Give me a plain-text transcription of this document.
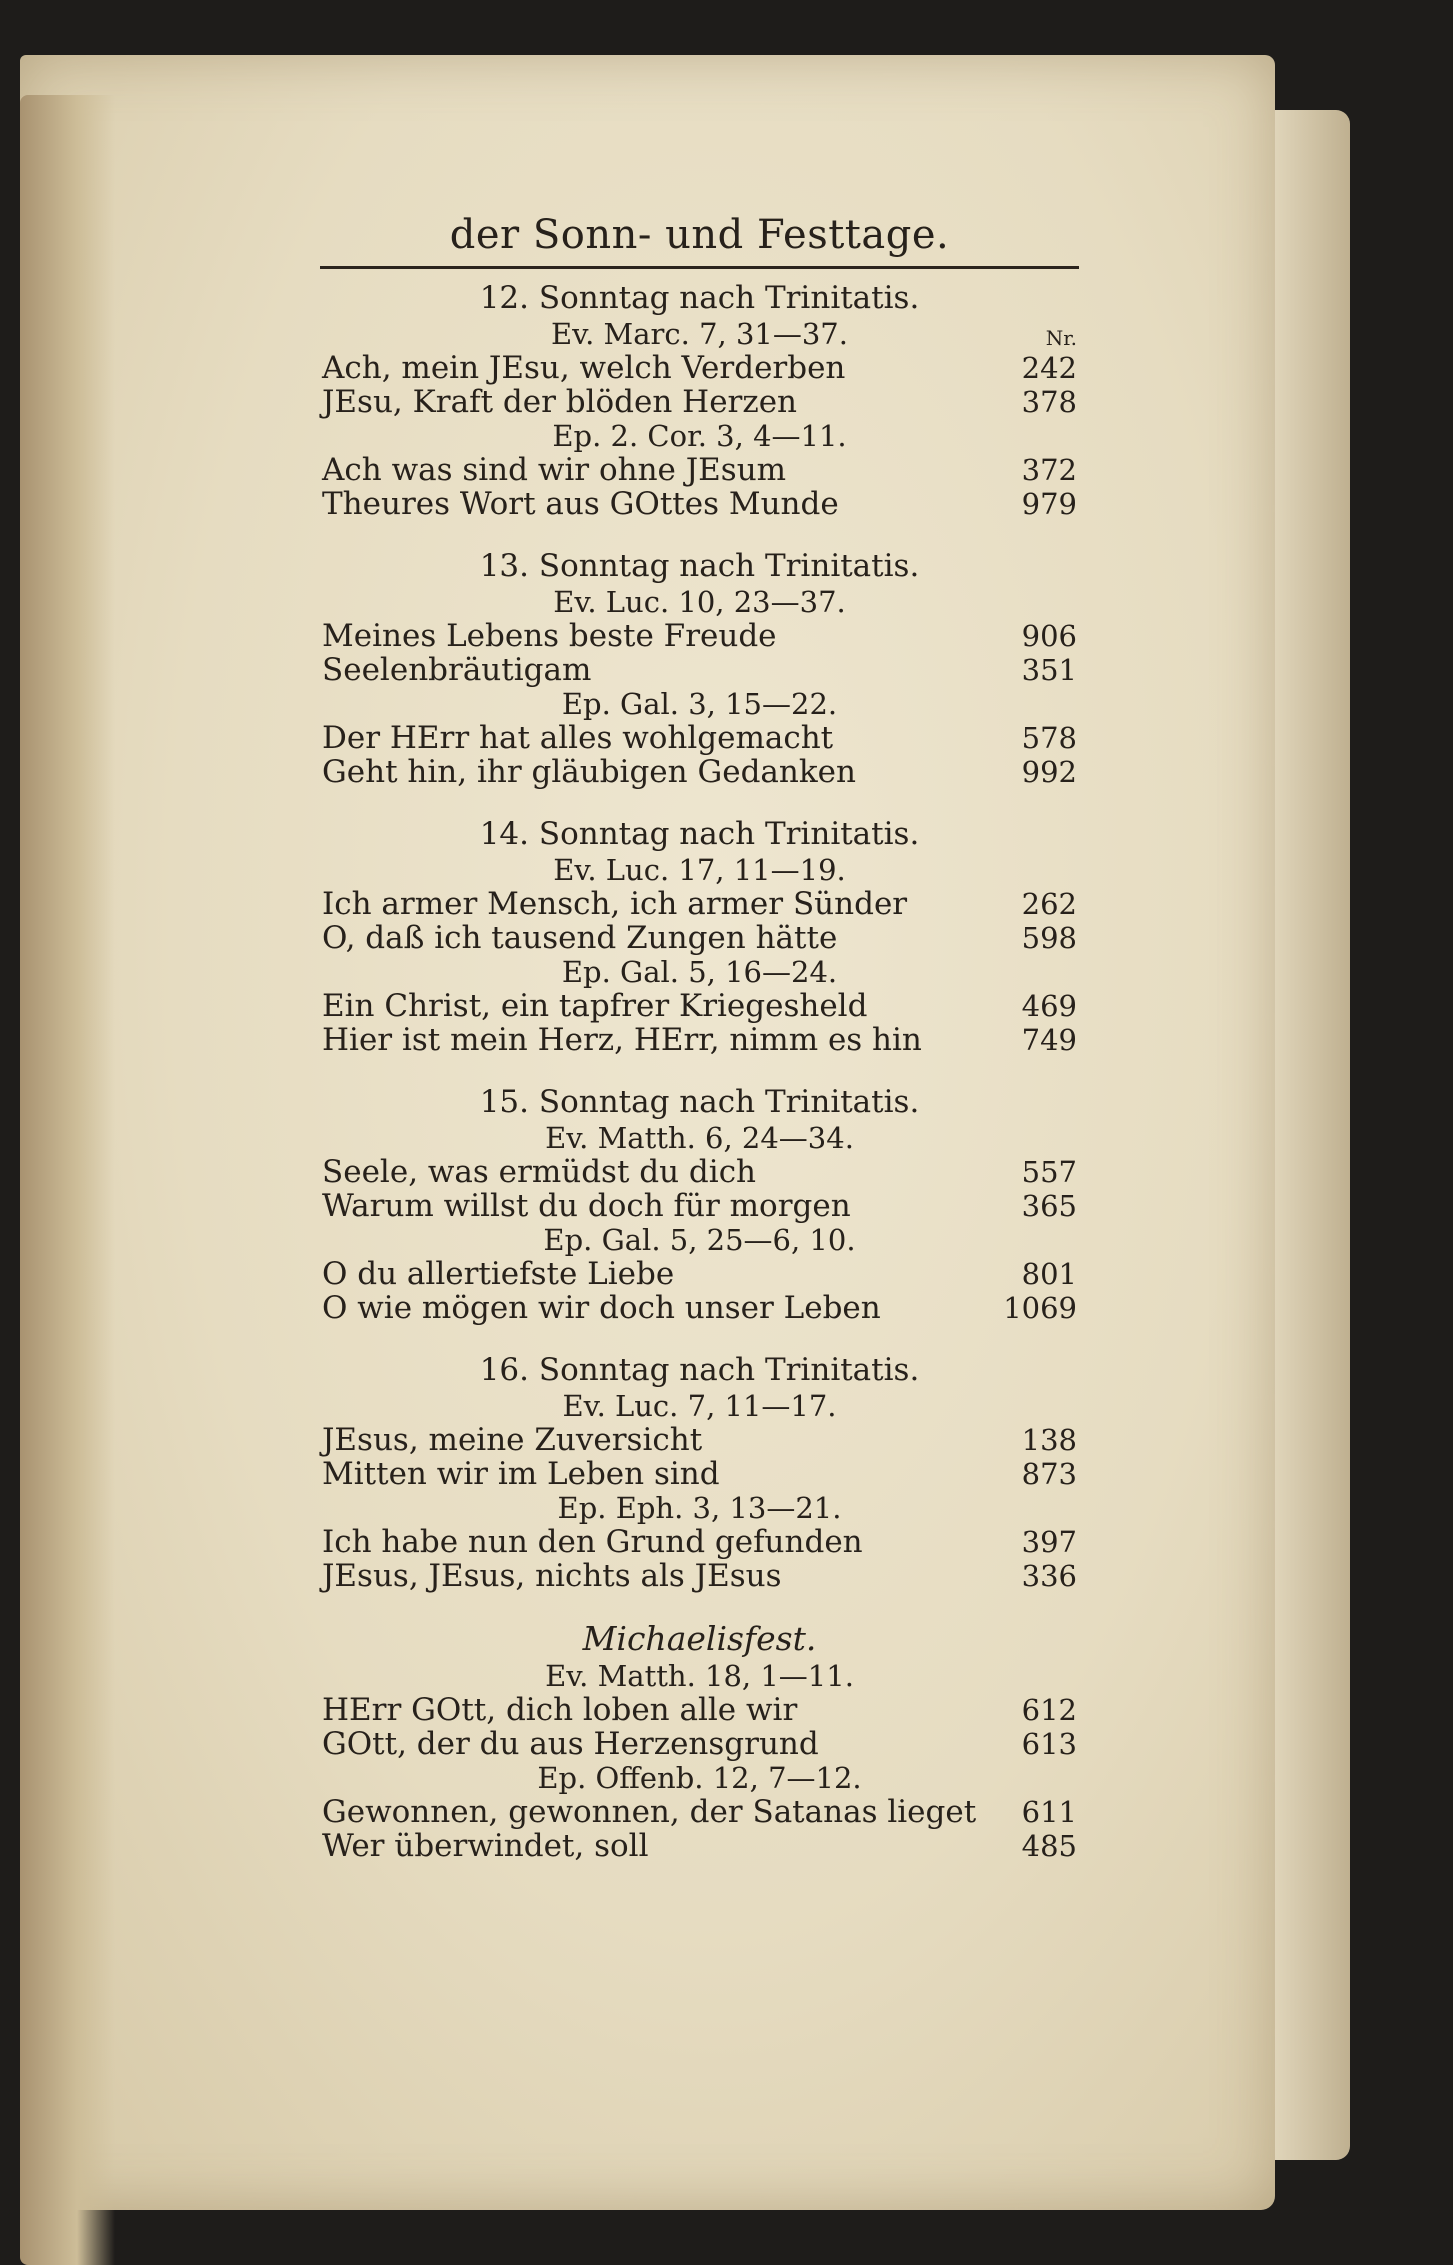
der Sonn- und Festtage.
12. Sonntag nach Trinitatis.
Ev. Marc. 7, 31—37.	Nr.
Ach, mein JEsu, welch Verderben	242
JEsu, Kraft der blöden Herzen	378
Ep. 2. Cor. 3, 4—11.
Ach was sind wir ohne JEsum	372
Theures Wort aus GOttes Munde	979
13. Sonntag nach Trinitatis.
Ev. Luc. 10, 23—37.
Meines Lebens beste Freude	906
Seelenbräutigam	351
Ep. Gal. 3, 15—22.
Der HErr hat alles wohlgemacht	578
Geht hin, ihr gläubigen Gedanken	992
14. Sonntag nach Trinitatis.
Ev. Luc. 17, 11—19.
Ich armer Mensch, ich armer Sünder	262
O, daß ich tausend Zungen hätte	598
Ep. Gal. 5, 16—24.
Ein Christ, ein tapfrer Kriegesheld	469
Hier ist mein Herz, HErr, nimm es hin	749
15. Sonntag nach Trinitatis.
Ev. Matth. 6, 24—34.
Seele, was ermüdst du dich	557
Warum willst du doch für morgen	365
Ep. Gal. 5, 25—6, 10.
O du allertiefste Liebe	801
O wie mögen wir doch unser Leben	1069
16. Sonntag nach Trinitatis.
Ev. Luc. 7, 11—17.
JEsus, meine Zuversicht	138
Mitten wir im Leben sind	873
Ep. Eph. 3, 13—21.
Ich habe nun den Grund gefunden	397
JEsus, JEsus, nichts als JEsus	336
Michaelisfest.
Ev. Matth. 18, 1—11.
HErr GOtt, dich loben alle wir	612
GOtt, der du aus Herzensgrund	613
Ep. Offenb. 12, 7—12.
Gewonnen, gewonnen, der Satanas lieget 611
Wer überwindet, soll	485
